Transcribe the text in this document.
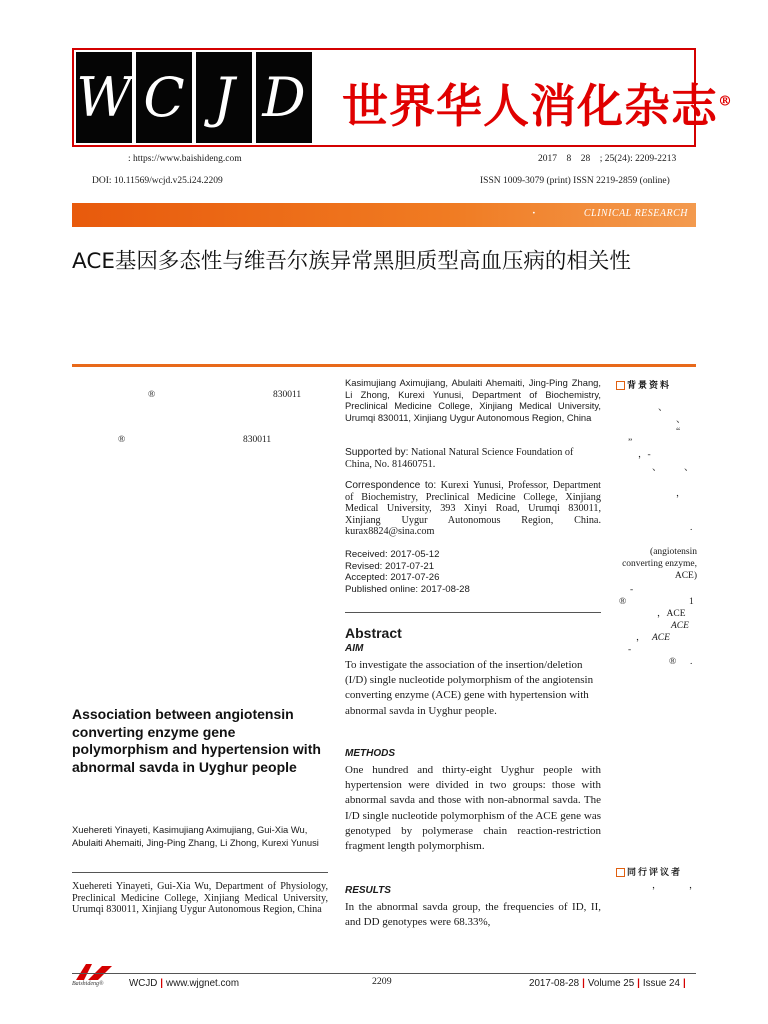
W C J D 世界华人消化杂志®
: https://www.baishideng.com	2017    8    28    ; 25(24): 2209-2213
DOI: 10.11569/wcjd.v25.i24.2209	ISSN 1009-3079 (print) ISSN 2219-2859 (online)
·	CLINICAL RESEARCH
ACE基因多态性与维吾尔族异常黑胆质型高血压病的相关性
®	830011
®	830011
Association between angiotensin converting enzyme gene polymorphism and hypertension with abnormal savda in Uyghur people
Xuehereti Yinayeti, Kasimujiang Aximujiang, Gui-Xia Wu, Abulaiti Ahemaiti, Jing-Ping Zhang, Li Zhong, Kurexi Yunusi
Xuehereti Yinayeti, Gui-Xia Wu, Department of Physiology, Preclinical Medicine College, Xinjiang Medical University, Urumqi 830011, Xinjiang Uygur Autonomous Region, China
Kasimujiang Aximujiang, Abulaiti Ahemaiti, Jing-Ping Zhang, Li Zhong, Kurexi Yunusi, Department of Biochemistry, Preclinical Medicine College, Xinjiang Medical University, Urumqi 830011, Xinjiang Uygur Autonomous Region, China
Supported by: National Natural Science Foundation of China, No. 81460751.
Correspondence to: Kurexi Yunusi, Professor, Department of Biochemistry, Preclinical Medicine College, Xinjiang Medical University, 393 Xinyi Road, Urumqi 830011, Xinjiang Uygur Autonomous Region, China. kurax8824@sina.com
Received: 2017-05-12
Revised: 2017-07-21
Accepted: 2017-07-26
Published online: 2017-08-28
Abstract
AIM
To investigate the association of the insertion/deletion (I/D) single nucleotide polymorphism of the angiotensin converting enzyme (ACE) gene with hypertension with abnormal savda in Uyghur people.
METHODS
One hundred and thirty-eight Uyghur people with hypertension were divided in two groups: those with abnormal savda and those with non-abnormal savda. The I/D single nucleotide polymorphism of the ACE gene was genotyped by polymerase chain reaction-restriction fragment length polymorphism.
RESULTS
In the abnormal savda group, the frequencies of ID, II, and DD genotypes were 68.33%,
背景资料
、
、
“
”
，-
、 、
，
.
(angiotensin converting enzyme, ACE)
-
®	1
，ACE
ACE
， ACE
-
® .
同行评议者
，	，
Baishideng®	WCJD | www.wjgnet.com	2209	2017-08-28 | Volume 25 | Issue 24 |
